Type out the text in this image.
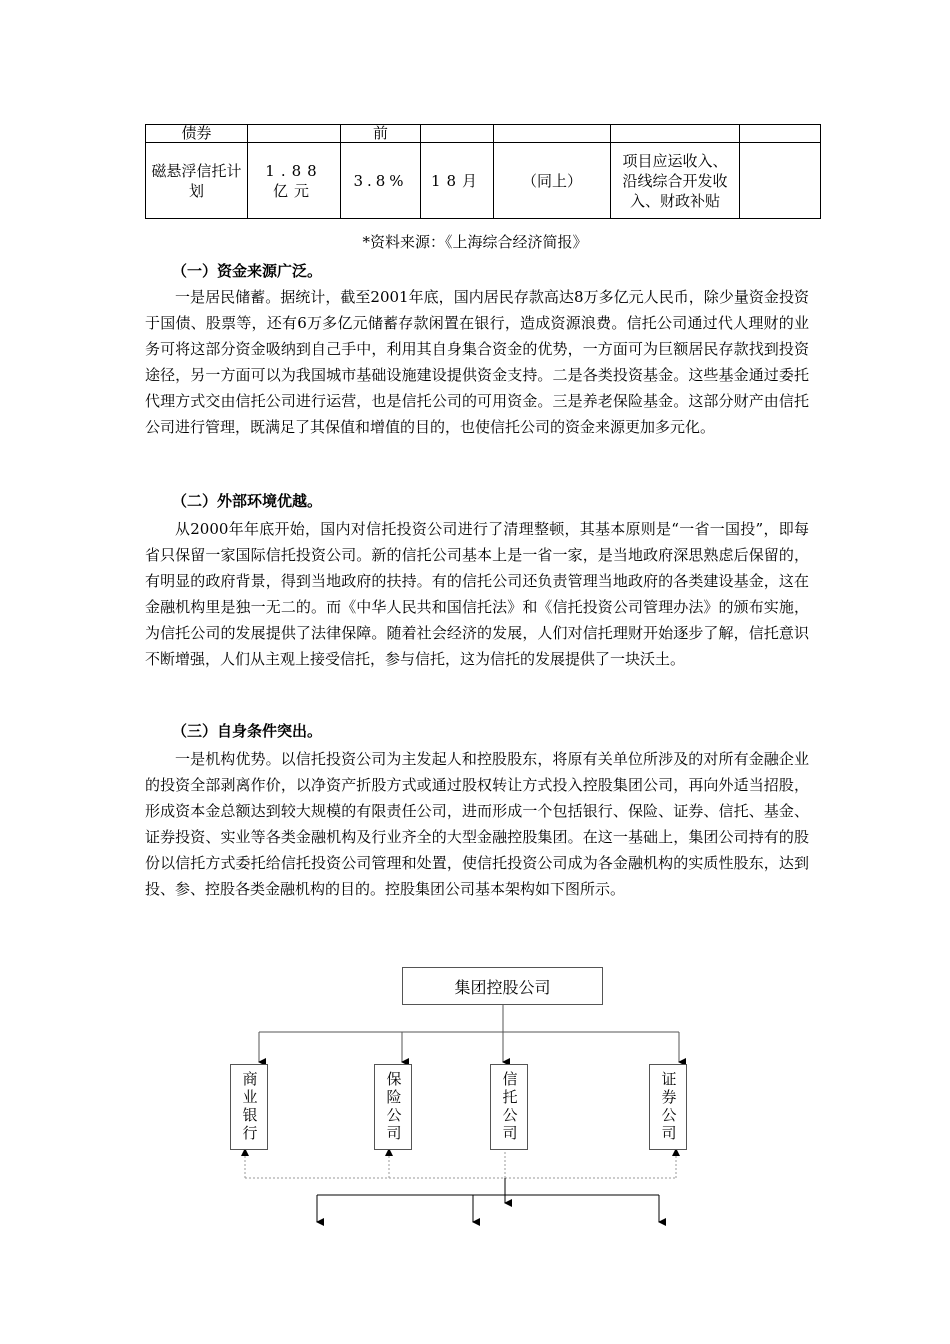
债券		前				
磁悬浮信托计划	1.88亿元	3.8%	18月	（同上）	项目应运收入、沿线综合开发收入、财政补贴	
*资料来源：《上海综合经济简报》
（一）资金来源广泛。

一是居民储蓄。据统计，截至2001年底，国内居民存款高达8万多亿元人民币，除少量资金投资于国债、股票等，还有6万多亿元储蓄存款闲置在银行，造成资源浪费。信托公司通过代人理财的业务可将这部分资金吸纳到自己手中，利用其自身集合资金的优势，一方面可为巨额居民存款找到投资途径，另一方面可以为我国城市基础设施建设提供资金支持。二是各类投资基金。这些基金通过委托代理方式交由信托公司进行运营，也是信托公司的可用资金。三是养老保险基金。这部分财产由信托公司进行管理，既满足了其保值和增值的目的，也使信托公司的资金来源更加多元化。

（二）外部环境优越。

从2000年年底开始，国内对信托投资公司进行了清理整顿，其基本原则是“一省一国投”，即每省只保留一家国际信托投资公司。新的信托公司基本上是一省一家，是当地政府深思熟虑后保留的，有明显的政府背景，得到当地政府的扶持。有的信托公司还负责管理当地政府的各类建设基金，这在金融机构里是独一无二的。而《中华人民共和国信托法》和《信托投资公司管理办法》的颁布实施，为信托公司的发展提供了法律保障。随着社会经济的发展，人们对信托理财开始逐步了解，信托意识不断增强，人们从主观上接受信托，参与信托，这为信托的发展提供了一块沃土。

（三）自身条件突出。

一是机构优势。以信托投资公司为主发起人和控股股东，将原有关单位所涉及的对所有金融企业的投资全部剥离作价，以净资产折股方式或通过股权转让方式投入控股集团公司，再向外适当招股，形成资本金总额达到较大规模的有限责任公司，进而形成一个包括银行、保险、证券、信托、基金、证券投资、实业等各类金融机构及行业齐全的大型金融控股集团。在这一基础上，集团公司持有的股份以信托方式委托给信托投资公司管理和处置，使信托投资公司成为各金融机构的实质性股东，达到投、参、控股各类金融机构的目的。控股集团公司基本架构如下图所示。

集团控股公司
商业银行	保险公司	信托公司	证券公司
